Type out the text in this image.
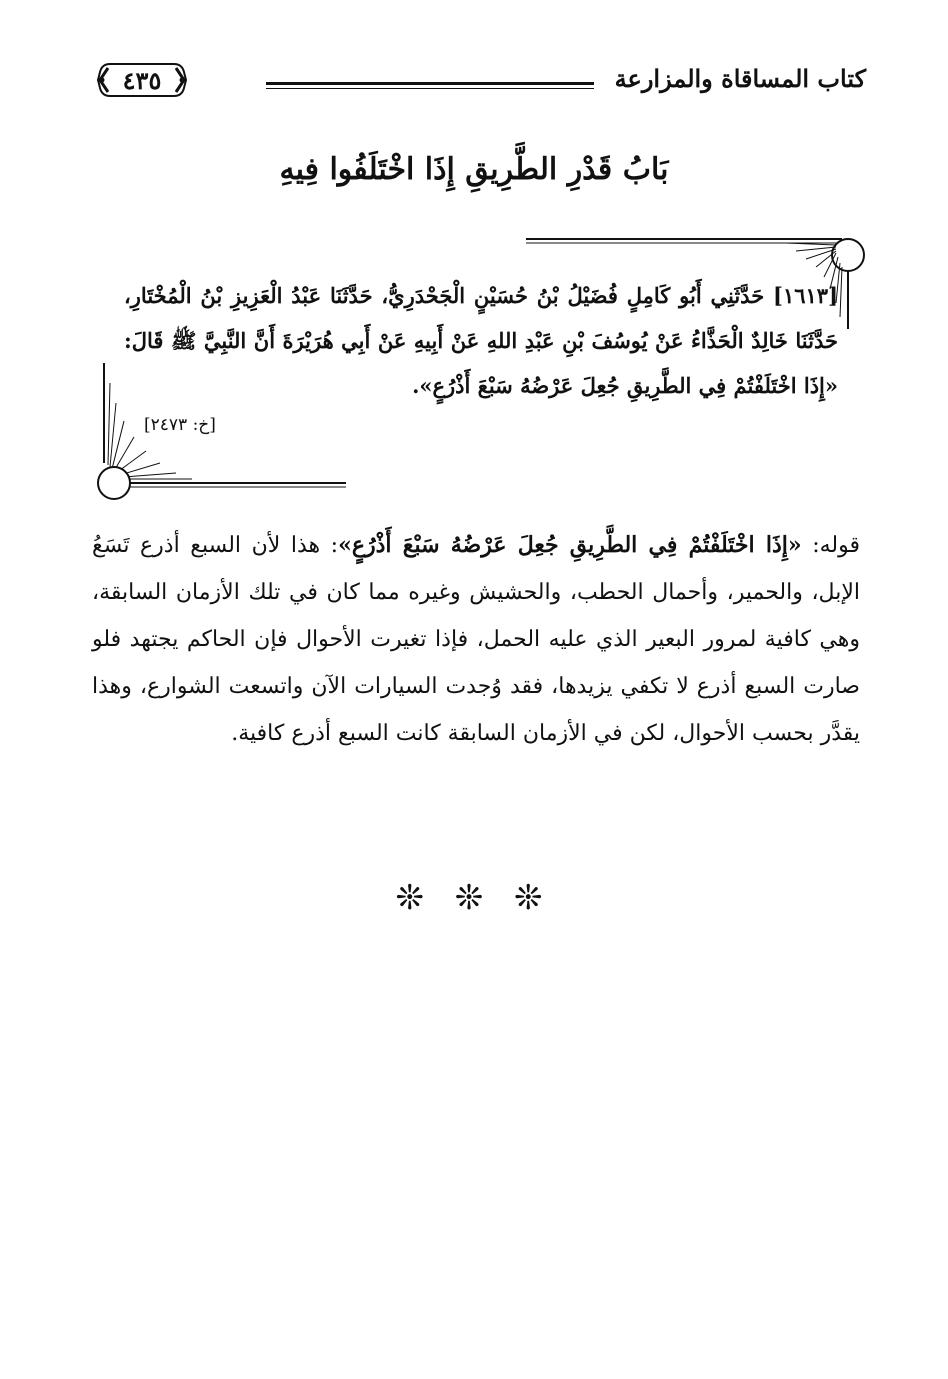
كتاب المساقاة والمزارعة
٤٣٥
بَابُ قَدْرِ الطَّرِيقِ إِذَا اخْتَلَفُوا فِيهِ
[١٦١٣] حَدَّثَنِي أَبُو كَامِلٍ فُضَيْلُ بْنُ حُسَيْنٍ الْجَحْدَرِيُّ، حَدَّثَنَا عَبْدُ الْعَزِيزِ بْنُ الْمُخْتَارِ، حَدَّثَنَا خَالِدٌ الْحَذَّاءُ عَنْ يُوسُفَ بْنِ عَبْدِ اللهِ عَنْ أَبِيهِ عَنْ أَبِي هُرَيْرَةَ أَنَّ النَّبِيَّ ﷺ قَالَ: «إِذَا اخْتَلَفْتُمْ فِي الطَّرِيقِ جُعِلَ عَرْضُهُ سَبْعَ أَذْرُعٍ».
[خ: ٢٤٧٣]
قوله: «إِذَا اخْتَلَفْتُمْ فِي الطَّرِيقِ جُعِلَ عَرْضُهُ سَبْعَ أَذْرُعٍ»: هذا لأن السبع أذرع تَسَعُ الإبل، والحمير، وأحمال الحطب، والحشيش وغيره مما كان في تلك الأزمان السابقة، وهي كافية لمرور البعير الذي عليه الحمل، فإذا تغيرت الأحوال فإن الحاكم يجتهد فلو صارت السبع أذرع لا تكفي يزيدها، فقد وُجدت السيارات الآن واتسعت الشوارع، وهذا يقدَّر بحسب الأحوال، لكن في الأزمان السابقة كانت السبع أذرع كافية.
❊ ❊ ❊
